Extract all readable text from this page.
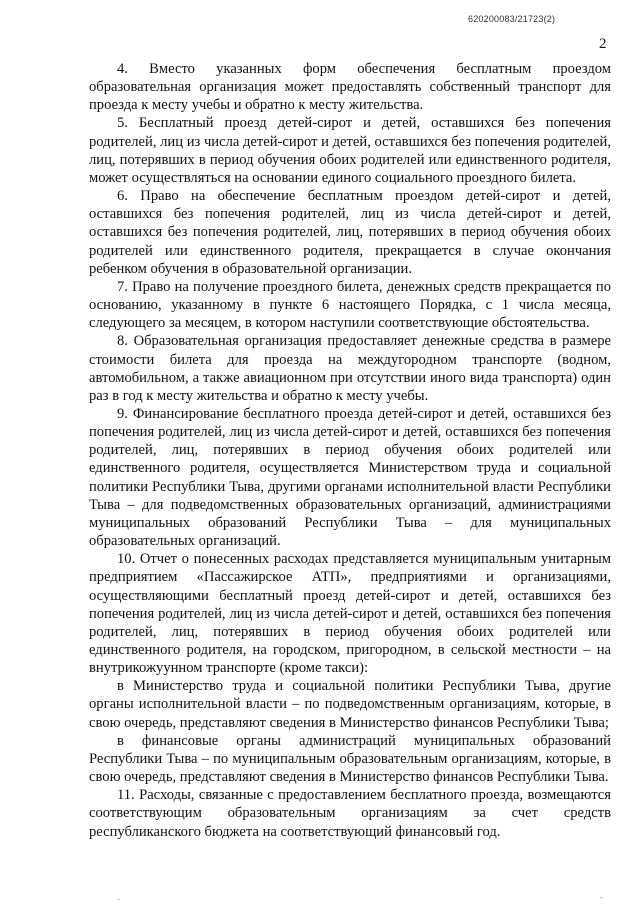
620200083/21723(2)
2

4. Вместо указанных форм обеспечения бесплатным проездом образовательная организация может предоставлять собственный транспорт для проезда к месту учебы и обратно к месту жительства.

5. Бесплатный проезд детей-сирот и детей, оставшихся без попечения родителей, лиц из числа детей-сирот и детей, оставшихся без попечения родителей, лиц, потерявших в период обучения обоих родителей или единственного родителя, может осуществляться на основании единого социального проездного билета.

6. Право на обеспечение бесплатным проездом детей-сирот и детей, оставшихся без попечения родителей, лиц из числа детей-сирот и детей, оставшихся без попечения родителей, лиц, потерявших в период обучения обоих родителей или единственного родителя, прекращается в случае окончания ребенком обучения в образовательной организации.

7. Право на получение проездного билета, денежных средств прекращается по основанию, указанному в пункте 6 настоящего Порядка, с 1 числа месяца, следующего за месяцем, в котором наступили соответствующие обстоятельства.

8. Образовательная организация предоставляет денежные средства в размере стоимости билета для проезда на междугородном транспорте (водном, автомобильном, а также авиационном при отсутствии иного вида транспорта) один раз в год к месту жительства и обратно к месту учебы.

9. Финансирование бесплатного проезда детей-сирот и детей, оставшихся без попечения родителей, лиц из числа детей-сирот и детей, оставшихся без попечения родителей, лиц, потерявших в период обучения обоих родителей или единственного родителя, осуществляется Министерством труда и социальной политики Республики Тыва, другими органами исполнительной власти Республики Тыва – для подведомственных образовательных организаций, администрациями муниципальных образований Республики Тыва – для муниципальных образовательных организаций.

10. Отчет о понесенных расходах представляется муниципальным унитарным предприятием «Пассажирское АТП», предприятиями и организациями, осуществляющими бесплатный проезд детей-сирот и детей, оставшихся без попечения родителей, лиц из числа детей-сирот и детей, оставшихся без попечения родителей, лиц, потерявших в период обучения обоих родителей или единственного родителя, на городском, пригородном, в сельской местности – на внутрикожуунном транспорте (кроме такси):

в Министерство труда и социальной политики Республики Тыва, другие органы исполнительной власти – по подведомственным организациям, которые, в свою очередь, представляют сведения в Министерство финансов Республики Тыва;

в финансовые органы администраций муниципальных образований Республики Тыва – по муниципальным образовательным организациям, которые, в свою очередь, представляют сведения в Министерство финансов Республики Тыва.

11. Расходы, связанные с предоставлением бесплатного проезда, возмещаются соответствующим образовательным организациям за счет средств республиканского бюджета на соответствующий финансовый год.

.	-
